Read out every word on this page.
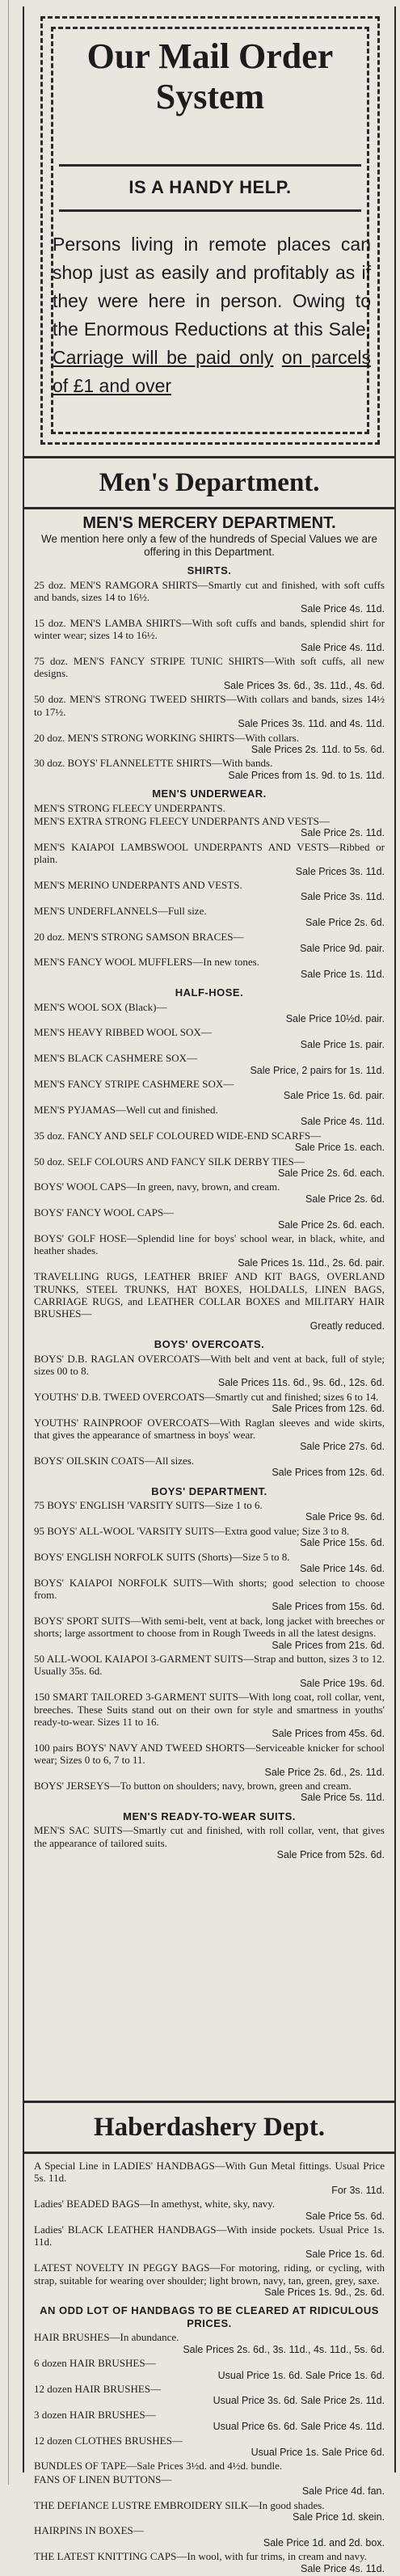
Our Mail Order
System
IS A HANDY HELP.
Persons living in remote places can shop just as easily and profitably as if they were here in person. Owing to the Enormous Reductions at this Sale, Carriage will be paid only on parcels of £1 and over
Men's Department.
MEN'S MERCERY DEPARTMENT.
We mention here only a few of the hundreds of Special Values we are offering in this Department.
SHIRTS.
25 doz. MEN'S RAMGORA SHIRTS—Smartly cut and finished, with soft cuffs and bands, sizes 14 to 16½.
Sale Price 4s. 11d.
15 doz. MEN'S LAMBA SHIRTS—With soft cuffs and bands, splendid shirt for winter wear; sizes 14 to 16½.
Sale Price 4s. 11d.
75 doz. MEN'S FANCY STRIPE TUNIC SHIRTS—With soft cuffs, all new designs.
Sale Prices 3s. 6d., 3s. 11d., 4s. 6d.
50 doz. MEN'S STRONG TWEED SHIRTS—With collars and bands, sizes 14½ to 17½.
Sale Prices 3s. 11d. and 4s. 11d.
20 doz. MEN'S STRONG WORKING SHIRTS—With collars.
Sale Prices 2s. 11d. to 5s. 6d.
30 doz. BOYS' FLANNELETTE SHIRTS—With bands.
Sale Prices from 1s. 9d. to 1s. 11d.
MEN'S UNDERWEAR.
MEN'S STRONG FLEECY UNDERPANTS.
MEN'S EXTRA STRONG FLEECY UNDERPANTS AND VESTS—
Sale Price 2s. 11d.
MEN'S KAIAPOI LAMBSWOOL UNDERPANTS AND VESTS—Ribbed or plain.
Sale Prices 3s. 11d.
MEN'S MERINO UNDERPANTS AND VESTS.
Sale Price 3s. 11d.
MEN'S UNDERFLANNELS—Full size.
Sale Price 2s. 6d.
20 doz. MEN'S STRONG SAMSON BRACES—
Sale Price 9d. pair.
MEN'S FANCY WOOL MUFFLERS—In new tones.
Sale Price 1s. 11d.
HALF-HOSE.
MEN'S WOOL SOX (Black)—
Sale Price 10½d. pair.
MEN'S HEAVY RIBBED WOOL SOX—
Sale Price 1s. pair.
MEN'S BLACK CASHMERE SOX—
Sale Price, 2 pairs for 1s. 11d.
MEN'S FANCY STRIPE CASHMERE SOX—
Sale Price 1s. 6d. pair.
MEN'S PYJAMAS—Well cut and finished.
Sale Price 4s. 11d.
35 doz. FANCY AND SELF COLOURED WIDE-END SCARFS—
Sale Price 1s. each.
50 doz. SELF COLOURS AND FANCY SILK DERBY TIES—
Sale Price 2s. 6d. each.
BOYS' WOOL CAPS—In green, navy, brown, and cream.
Sale Price 2s. 6d.
BOYS' FANCY WOOL CAPS—
Sale Price 2s. 6d. each.
BOYS' GOLF HOSE—Splendid line for boys' school wear, in black, white, and heather shades.
Sale Prices 1s. 11d., 2s. 6d. pair.
TRAVELLING RUGS, LEATHER BRIEF AND KIT BAGS, OVERLAND TRUNKS, STEEL TRUNKS, HAT BOXES, HOLDALLS, LINEN BAGS, CARRIAGE RUGS, and LEATHER COLLAR BOXES and MILITARY HAIR BRUSHES—
Greatly reduced.
BOYS' OVERCOATS.
BOYS' D.B. RAGLAN OVERCOATS—With belt and vent at back, full of style; sizes 00 to 8.
Sale Prices 11s. 6d., 9s. 6d., 12s. 6d.
YOUTHS' D.B. TWEED OVERCOATS—Smartly cut and finished; sizes 6 to 14.
Sale Prices from 12s. 6d.
YOUTHS' RAINPROOF OVERCOATS—With Raglan sleeves and wide skirts, that gives the appearance of smartness in boys' wear.
Sale Price 27s. 6d.
BOYS' OILSKIN COATS—All sizes.
Sale Prices from 12s. 6d.
BOYS' DEPARTMENT.
75 BOYS' ENGLISH 'VARSITY SUITS—Size 1 to 6.
Sale Price 9s. 6d.
95 BOYS' ALL-WOOL 'VARSITY SUITS—Extra good value; Size 3 to 8.
Sale Price 15s. 6d.
BOYS' ENGLISH NORFOLK SUITS (Shorts)—Size 5 to 8.
Sale Price 14s. 6d.
BOYS' KAIAPOI NORFOLK SUITS—With shorts; good selection to choose from.
Sale Prices from 15s. 6d.
BOYS' SPORT SUITS—With semi-belt, vent at back, long jacket with breeches or shorts; large assortment to choose from in Rough Tweeds in all the latest designs.
Sale Prices from 21s. 6d.
50 ALL-WOOL KAIAPOI 3-GARMENT SUITS—Strap and button, sizes 3 to 12. Usually 35s. 6d.
Sale Price 19s. 6d.
150 SMART TAILORED 3-GARMENT SUITS—With long coat, roll collar, vent, breeches. These Suits stand out on their own for style and smartness in youths' ready-to-wear. Sizes 11 to 16.
Sale Prices from 45s. 6d.
100 pairs BOYS' NAVY AND TWEED SHORTS—Serviceable knicker for school wear; Sizes 0 to 6, 7 to 11.
Sale Price 2s. 6d., 2s. 11d.
BOYS' JERSEYS—To button on shoulders; navy, brown, green and cream.
Sale Price 5s. 11d.
MEN'S READY-TO-WEAR SUITS.
MEN'S SAC SUITS—Smartly cut and finished, with roll collar, vent, that gives the appearance of tailored suits.
Sale Price from 52s. 6d.
Haberdashery Dept.
A Special Line in LADIES' HANDBAGS—With Gun Metal fittings. Usual Price 5s. 11d.
For 3s. 11d.
Ladies' BEADED BAGS—In amethyst, white, sky, navy.
Sale Price 5s. 6d.
Ladies' BLACK LEATHER HANDBAGS—With inside pockets. Usual Price 1s. 11d.
Sale Price 1s. 6d.
LATEST NOVELTY IN PEGGY BAGS—For motoring, riding, or cycling, with strap, suitable for wearing over shoulder; light brown, navy, tan, green, grey, saxe.
Sale Prices 1s. 9d., 2s. 6d.
AN ODD LOT OF HANDBAGS TO BE CLEARED AT RIDICULOUS PRICES.
HAIR BRUSHES—In abundance.
Sale Prices 2s. 6d., 3s. 11d., 4s. 11d., 5s. 6d.
6 dozen HAIR BRUSHES—
Usual Price 1s. 6d. Sale Price 1s. 6d.
12 dozen HAIR BRUSHES—
Usual Price 3s. 6d. Sale Price 2s. 11d.
3 dozen HAIR BRUSHES—
Usual Price 6s. 6d. Sale Price 4s. 11d.
12 dozen CLOTHES BRUSHES—
Usual Price 1s. Sale Price 6d.
BUNDLES OF TAPE—Sale Prices 3½d. and 4½d. bundle.
FANS OF LINEN BUTTONS—
Sale Price 4d. fan.
THE DEFIANCE LUSTRE EMBROIDERY SILK—In good shades.
Sale Price 1d. skein.
HAIRPINS IN BOXES—
Sale Price 1d. and 2d. box.
THE LATEST KNITTING CAPS—In wool, with fur trims, in cream and navy.
Sale Price 4s. 11d.
